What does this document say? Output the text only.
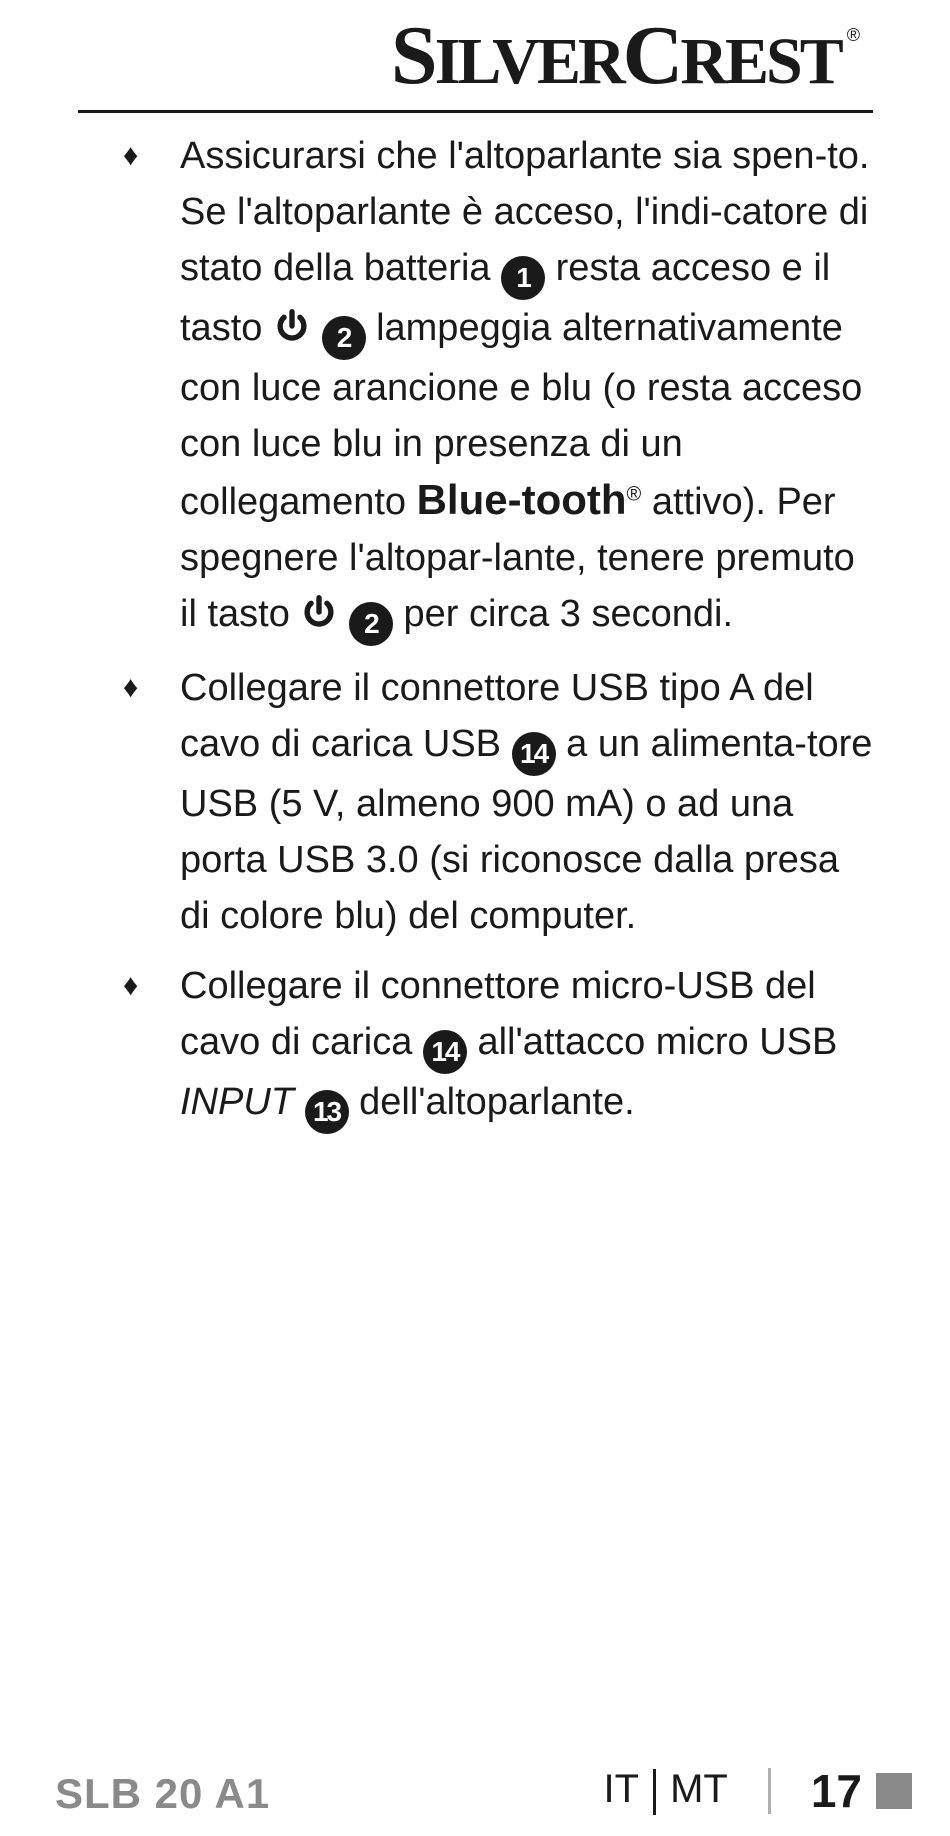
SILVERCREST ®
♦ Assicurarsi che l'altoparlante sia spen-to. Se l'altoparlante è acceso, l'indi-catore di stato della batteria 1 resta acceso e il tasto  2 lampeggia alternativamente con luce arancione e blu (o resta acceso con luce blu in presenza di un collegamento Blue-tooth® attivo). Per spegnere l'altopar-lante, tenere premuto il tasto  2 per circa 3 secondi.
♦ Collegare il connettore USB tipo A del cavo di carica USB 14 a un alimenta-tore USB (5 V, almeno 900 mA) o ad una porta USB 3.0 (si riconosce dalla presa di colore blu) del computer.
♦ Collegare il connettore micro-USB del cavo di carica 14 all'attacco micro USB INPUT 13 dell'altoparlante.
SLB 20 A1	IT MT 17
